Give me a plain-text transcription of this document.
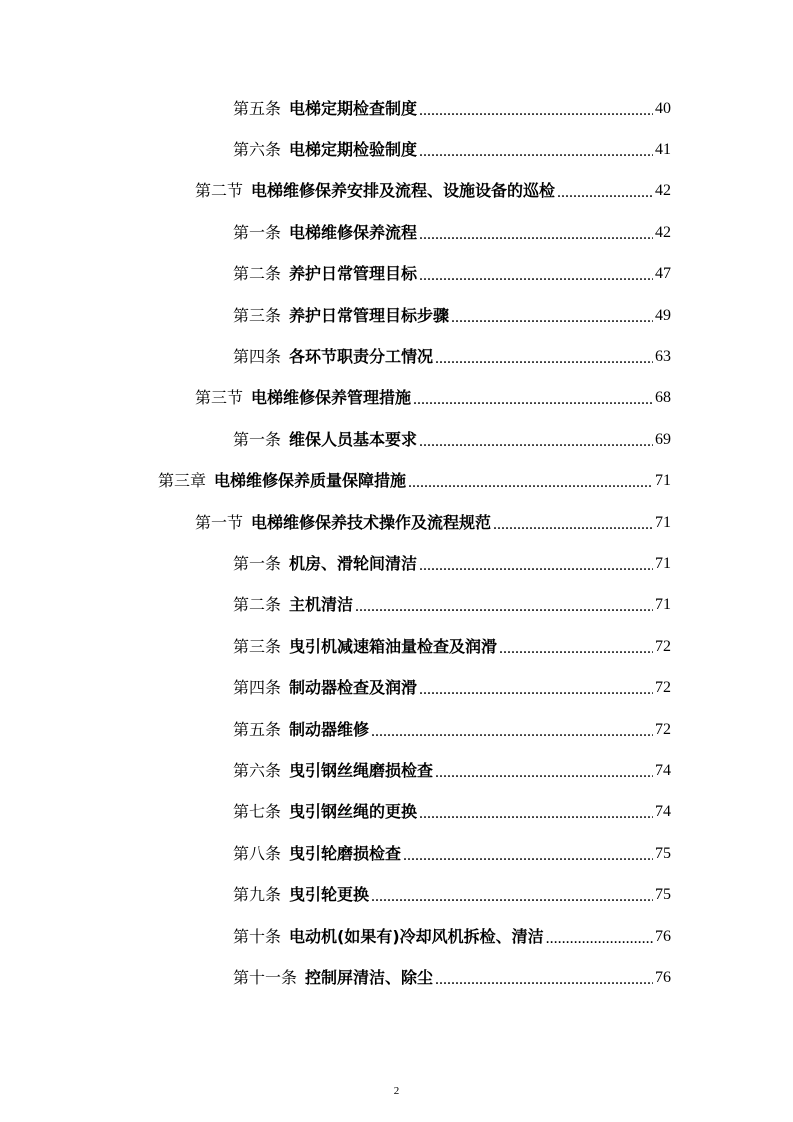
第五条 电梯定期检查制度 .....	40
第六条 电梯定期检验制度 .....	41
第二节 电梯维修保养安排及流程、设施设备的巡检 .....	42
第一条 电梯维修保养流程 .....	42
第二条 养护日常管理目标 .....	47
第三条 养护日常管理目标步骤 .....	49
第四条 各环节职责分工情况 .....	63
第三节 电梯维修保养管理措施 .....	68
第一条 维保人员基本要求 .....	69
第三章 电梯维修保养质量保障措施 .....	71
第一节 电梯维修保养技术操作及流程规范 .....	71
第一条 机房、滑轮间清洁 .....	71
第二条 主机清洁 .....	71
第三条 曳引机减速箱油量检查及润滑 .....	72
第四条 制动器检查及润滑 .....	72
第五条 制动器维修 .....	72
第六条 曳引钢丝绳磨损检查 .....	74
第七条 曳引钢丝绳的更换 .....	74
第八条 曳引轮磨损检查 .....	75
第九条 曳引轮更换 .....	75
第十条 电动机(如果有)冷却风机拆检、清洁 .....	76
第十一条 控制屏清洁、除尘 .....	76
2
